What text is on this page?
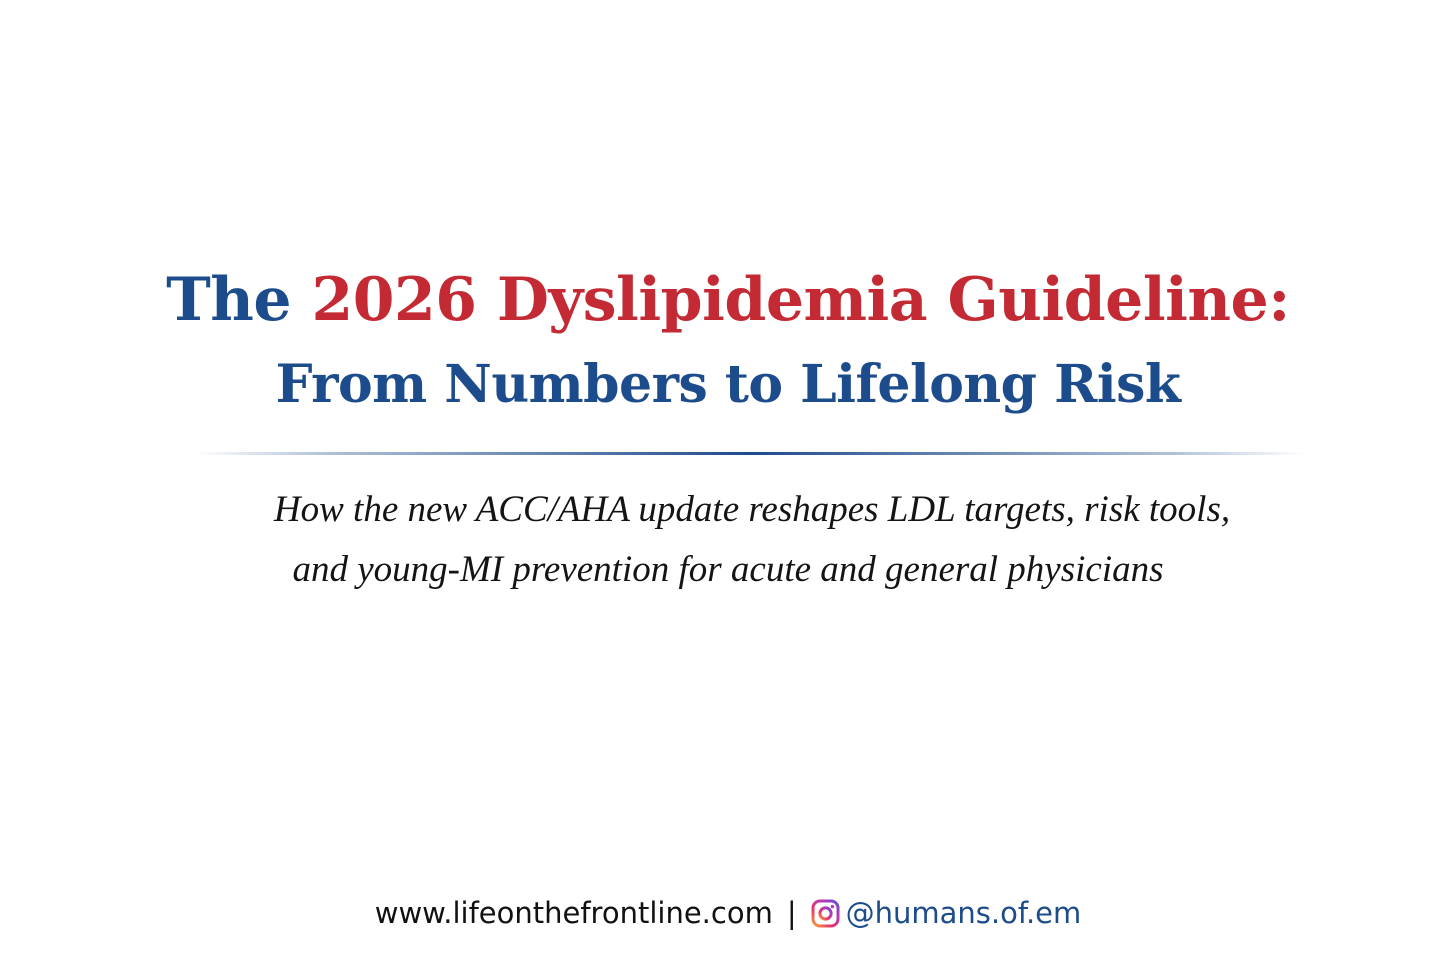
The 2026 Dyslipidemia Guideline:
From Numbers to Lifelong Risk
How the new ACC/AHA update reshapes LDL targets, risk tools,
and young-MI prevention for acute and general physicians
www.lifeonthefrontline.com | @humans.of.em
